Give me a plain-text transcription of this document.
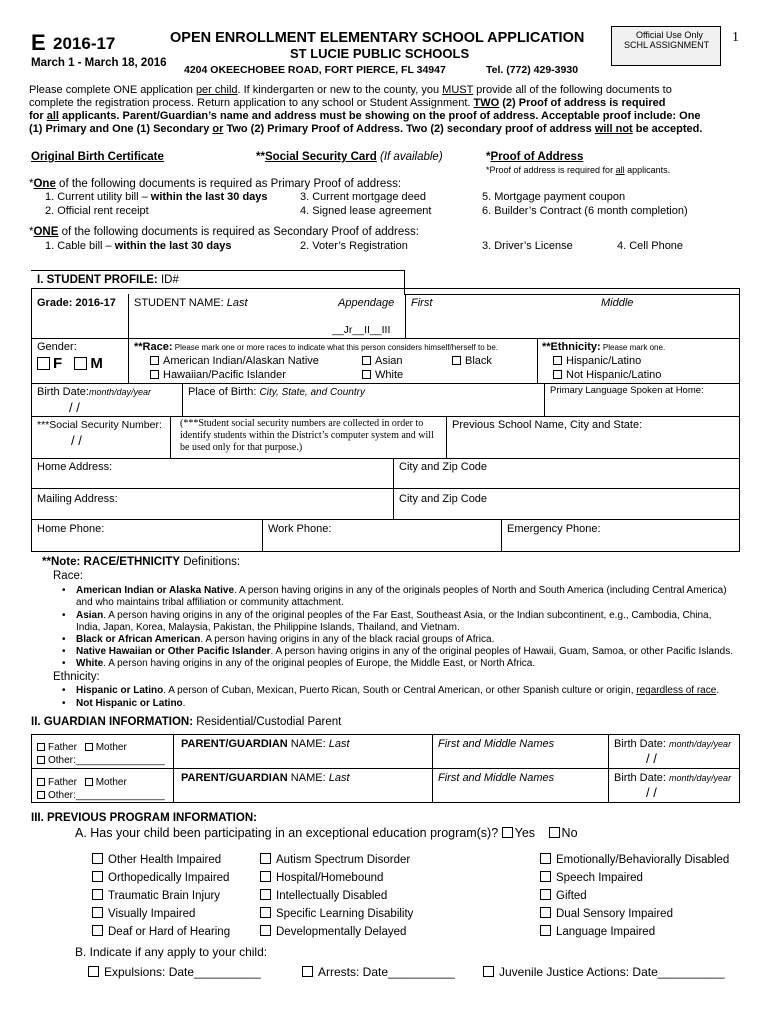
E 2016-17
March 1 - March 18, 2016
OPEN ENROLLMENT ELEMENTARY SCHOOL APPLICATION
ST LUCIE PUBLIC SCHOOLS
4204 OKEECHOBEE ROAD, FORT PIERCE, FL 34947	Tel. (772) 429-3930
Official Use Only
SCHL ASSIGNMENT 1
Please complete ONE application per child. If kindergarten or new to the county, you MUST provide all of the following documents to
complete the registration process. Return application to any school or Student Assignment. TWO (2) Proof of address is required
for all applicants. Parent/Guardian’s name and address must be showing on the proof of address. Acceptable proof include: One
(1) Primary and One (1) Secondary or Two (2) Primary Proof of Address. Two (2) secondary proof of address will not be accepted.
Original Birth Certificate	**Social Security Card (If available)	*Proof of Address
*Proof of address is required for all applicants.
*One of the following documents is required as Primary Proof of address:
1. Current utility bill – within the last 30 days
2. Official rent receipt
3. Current mortgage deed
4. Signed lease agreement
5. Mortgage payment coupon
6. Builder’s Contract (6 month completion)
*ONE of the following documents is required as Secondary Proof of address:
1. Cable bill – within the last 30 days	2. Voter’s Registration	3. Driver’s License	4. Cell Phone
I. STUDENT PROFILE: ID#
Grade: 2016-17 STUDENT NAME: Last	Appendage First	Middle
__Jr__II__III
Gender:
F M
**Race: Please mark one or more races to indicate what this person considers himself/herself to be.
American Indian/Alaskan Native	Asian	Black
Hawaiian/Pacific Islander	White
**Ethnicity: Please mark one.
Hispanic/Latino
Not Hispanic/Latino
Birth Date:month/day/year
/ /
Place of Birth: City, State, and Country	Primary Language Spoken at Home:
***Social Security Number:
/ /
(***Student social security numbers are collected in order to identify students within the District’s computer system and will be used only for that purpose.)
Previous School Name, City and State:
Home Address:	City and Zip Code
Mailing Address:	City and Zip Code
Home Phone:	Work Phone:	Emergency Phone:
**Note: RACE/ETHNICITY Definitions:
Race:
• American Indian or Alaska Native. A person having origins in any of the originals peoples of North and South America (including Central America)
and who maintains tribal affiliation or community attachment.
• Asian. A person having origins in any of the original peoples of the Far East, Southeast Asia, or the Indian subcontinent, e.g., Cambodia, China,
India, Japan, Korea, Malaysia, Pakistan, the Philippine Islands, Thailand, and Vietnam.
• Black or African American. A person having origins in any of the black racial groups of Africa.
• Native Hawaiian or Other Pacific Islander. A person having origins in any of the original peoples of Hawaii, Guam, Samoa, or other Pacific Islands.
• White. A person having origins in any of the original peoples of Europe, the Middle East, or North Africa.
Ethnicity:
• Hispanic or Latino. A person of Cuban, Mexican, Puerto Rican, South or Central American, or other Spanish culture or origin, regardless of race.
• Not Hispanic or Latino.
II. GUARDIAN INFORMATION: Residential/Custodial Parent
Father Mother
Other:________________
PARENT/GUARDIAN NAME: Last	First and Middle Names	Birth Date: month/day/year
/ /
Father Mother
Other:________________
PARENT/GUARDIAN NAME: Last	First and Middle Names	Birth Date: month/day/year
/ /
III. PREVIOUS PROGRAM INFORMATION:
A. Has your child been participating in an exceptional education program(s)? Yes No
Other Health Impaired
Orthopedically Impaired
Traumatic Brain Injury
Visually Impaired
Deaf or Hard of Hearing
Autism Spectrum Disorder
Hospital/Homebound
Intellectually Disabled
Specific Learning Disability
Developmentally Delayed
Emotionally/Behaviorally Disabled
Speech Impaired
Gifted
Dual Sensory Impaired
Language Impaired
B. Indicate if any apply to your child:
Expulsions: Date__________	Arrests: Date__________	Juvenile Justice Actions: Date__________
